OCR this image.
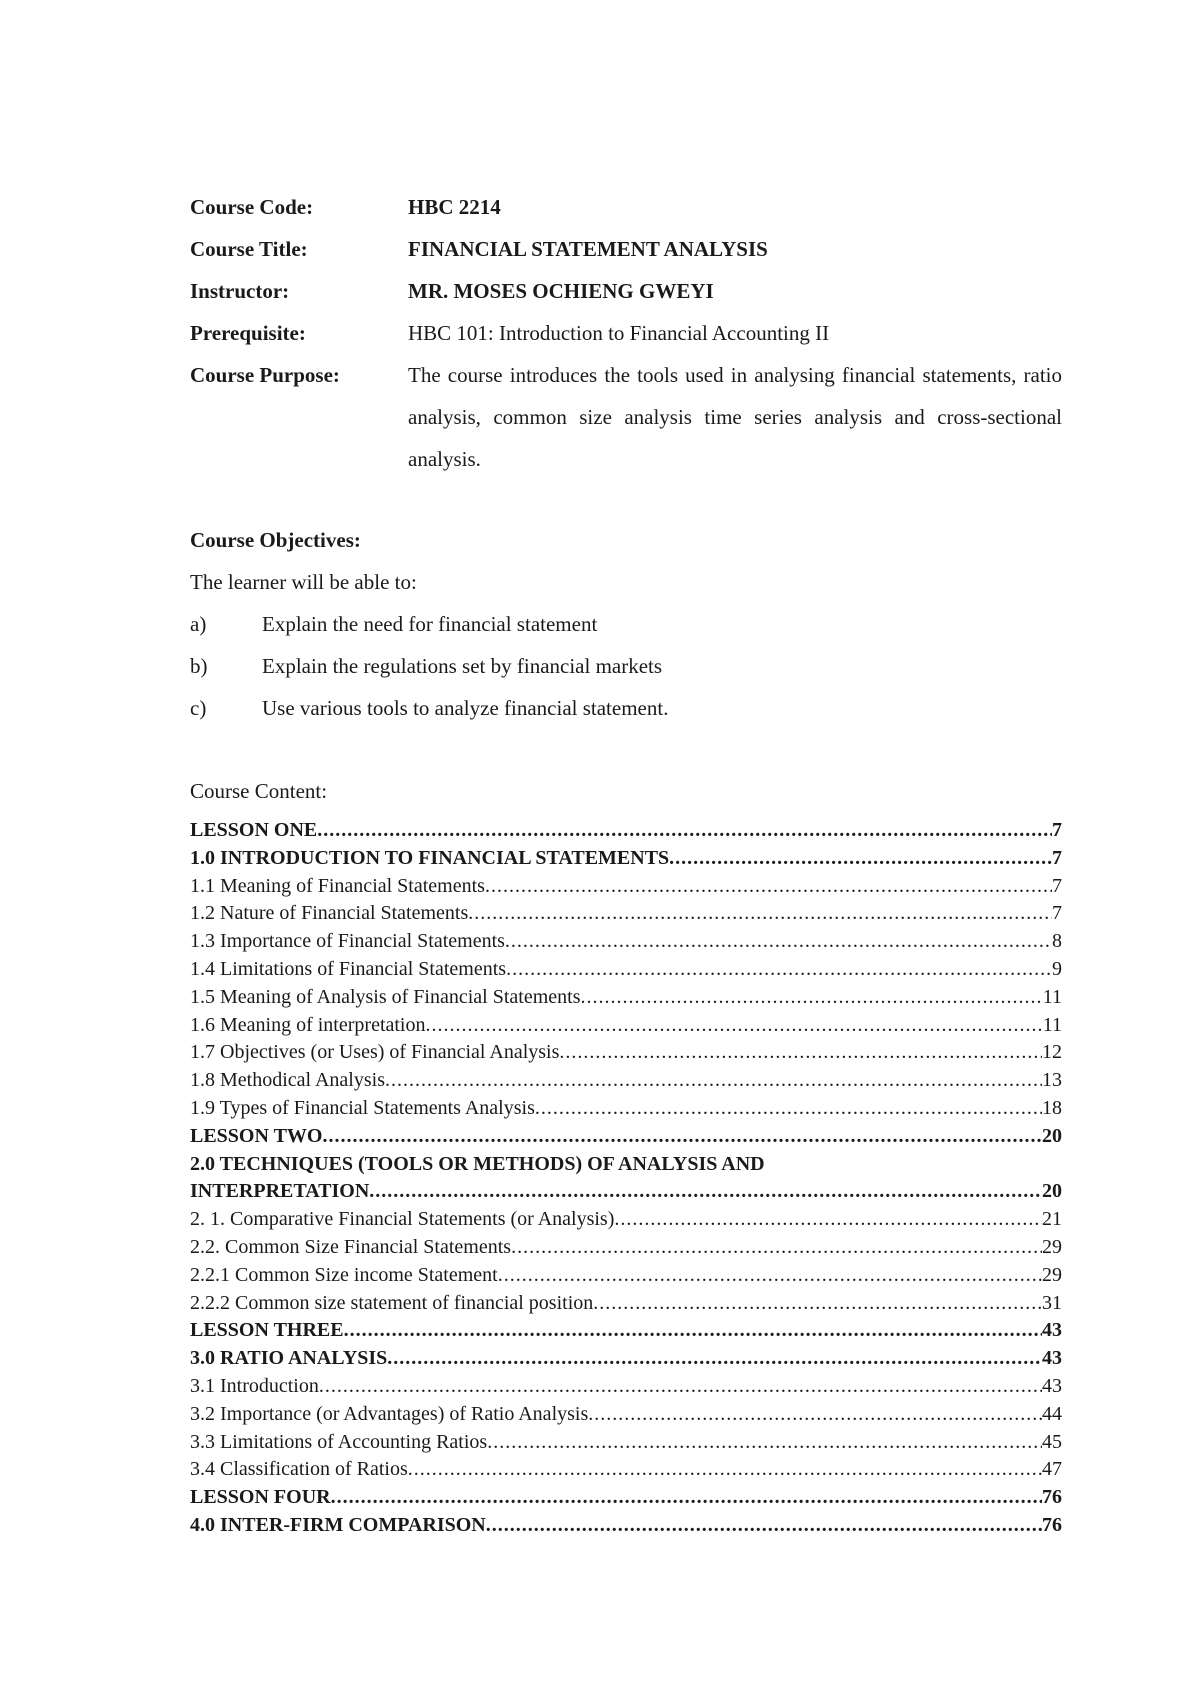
Course Code:	HBC 2214
Course Title:	FINANCIAL STATEMENT ANALYSIS
Instructor:	MR. MOSES OCHIENG GWEYI
Prerequisite:	HBC 101: Introduction to Financial Accounting II
Course Purpose:	The course introduces the tools used in analysing financial statements, ratio analysis, common size analysis time series analysis and cross-sectional analysis.
Course Objectives:
The learner will be able to:
a)	Explain the need for financial statement
b)	Explain the regulations set by financial markets
c)	Use various tools to analyze financial statement.
Course Content:
LESSON ONE .....	7
1.0 INTRODUCTION TO FINANCIAL STATEMENTS .....	7
1.1 Meaning of Financial Statements .....	7
1.2 Nature of Financial Statements .....	7
1.3 Importance of Financial Statements .....	8
1.4 Limitations of Financial Statements .....	9
1.5 Meaning of Analysis of Financial Statements .....	11
1.6 Meaning of interpretation .....	11
1.7 Objectives (or Uses) of Financial Analysis .....	12
1.8 Methodical Analysis .....	13
1.9 Types of Financial Statements Analysis .....	18
LESSON TWO .....	20
2.0 TECHNIQUES (TOOLS OR METHODS) OF ANALYSIS AND
INTERPRETATION .....	20
2. 1. Comparative Financial Statements (or Analysis) .....	21
2.2. Common Size Financial Statements .....	29
2.2.1 Common Size income Statement .....	29
2.2.2 Common size statement of financial position .....	31
LESSON THREE .....	43
3.0 RATIO ANALYSIS .....	43
3.1 Introduction .....	43
3.2 Importance (or Advantages) of Ratio Analysis .....	44
3.3 Limitations of Accounting Ratios .....	45
3.4 Classification of Ratios .....	47
LESSON FOUR .....	76
4.0 INTER-FIRM COMPARISON .....	76
